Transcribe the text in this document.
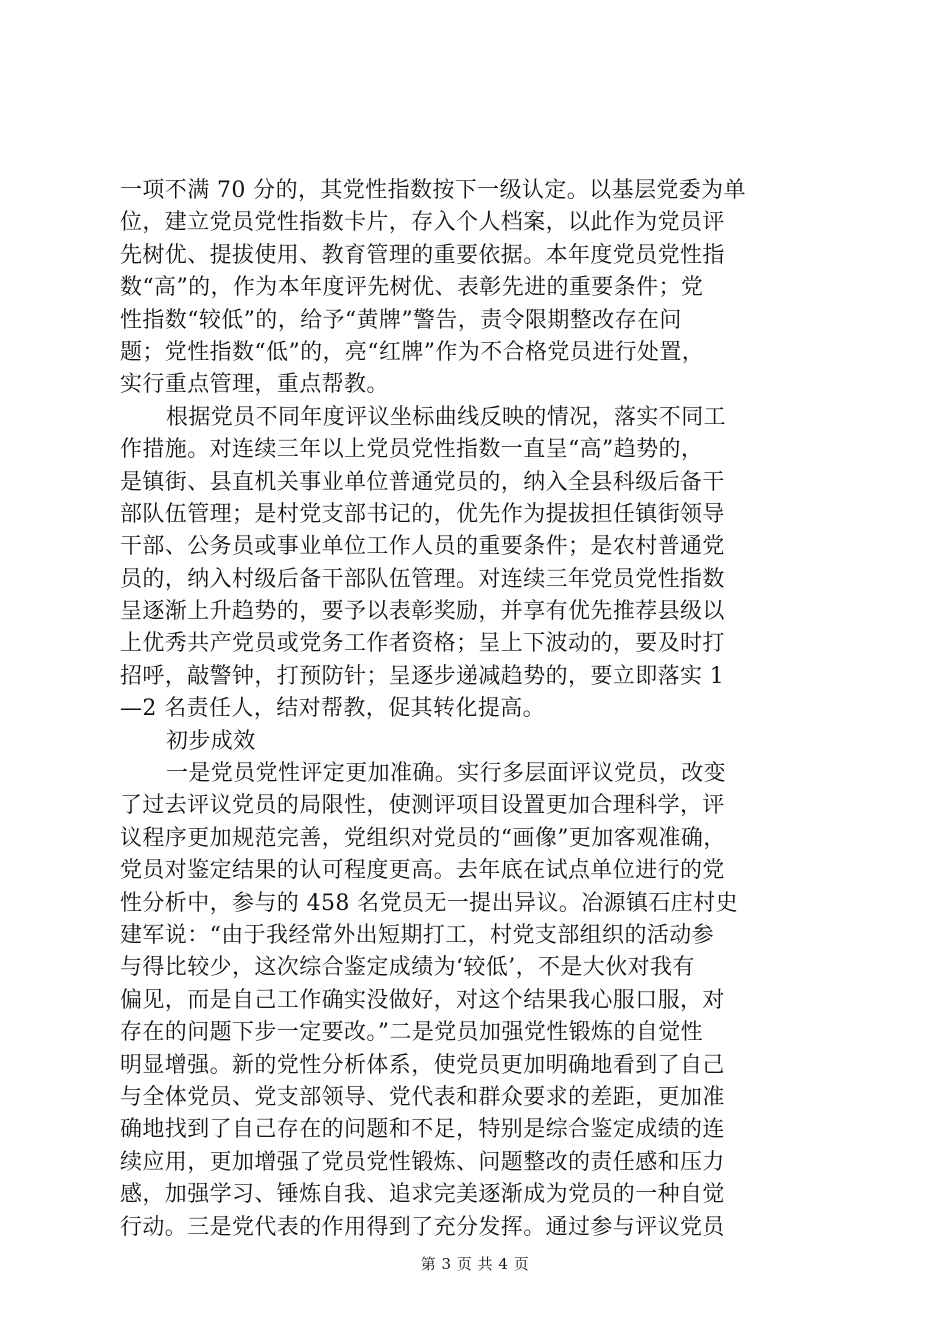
一项不满 70 分的，其党性指数按下一级认定。以基层党委为单
位，建立党员党性指数卡片，存入个人档案，以此作为党员评
先树优、提拔使用、教育管理的重要依据。本年度党员党性指
数“高”的，作为本年度评先树优、表彰先进的重要条件；党
性指数“较低”的，给予“黄牌”警告，责令限期整改存在问
题；党性指数“低”的，亮“红牌”作为不合格党员进行处置，
实行重点管理，重点帮教。
根据党员不同年度评议坐标曲线反映的情况，落实不同工
作措施。对连续三年以上党员党性指数一直呈“高”趋势的，
是镇街、县直机关事业单位普通党员的，纳入全县科级后备干
部队伍管理；是村党支部书记的，优先作为提拔担任镇街领导
干部、公务员或事业单位工作人员的重要条件；是农村普通党
员的，纳入村级后备干部队伍管理。对连续三年党员党性指数
呈逐渐上升趋势的，要予以表彰奖励，并享有优先推荐县级以
上优秀共产党员或党务工作者资格；呈上下波动的，要及时打
招呼，敲警钟，打预防针；呈逐步递减趋势的，要立即落实 1
—2 名责任人，结对帮教，促其转化提高。
初步成效
一是党员党性评定更加准确。实行多层面评议党员，改变
了过去评议党员的局限性，使测评项目设置更加合理科学，评
议程序更加规范完善，党组织对党员的“画像”更加客观准确，
党员对鉴定结果的认可程度更高。去年底在试点单位进行的党
性分析中，参与的 458 名党员无一提出异议。冶源镇石庄村史
建军说：“由于我经常外出短期打工，村党支部组织的活动参
与得比较少，这次综合鉴定成绩为‘较低’，不是大伙对我有
偏见，而是自己工作确实没做好，对这个结果我心服口服，对
存在的问题下步一定要改。”二是党员加强党性锻炼的自觉性
明显增强。新的党性分析体系，使党员更加明确地看到了自己
与全体党员、党支部领导、党代表和群众要求的差距，更加准
确地找到了自己存在的问题和不足，特别是综合鉴定成绩的连
续应用，更加增强了党员党性锻炼、问题整改的责任感和压力
感，加强学习、锤炼自我、追求完美逐渐成为党员的一种自觉
行动。三是党代表的作用得到了充分发挥。通过参与评议党员
第 3 页 共 4 页
